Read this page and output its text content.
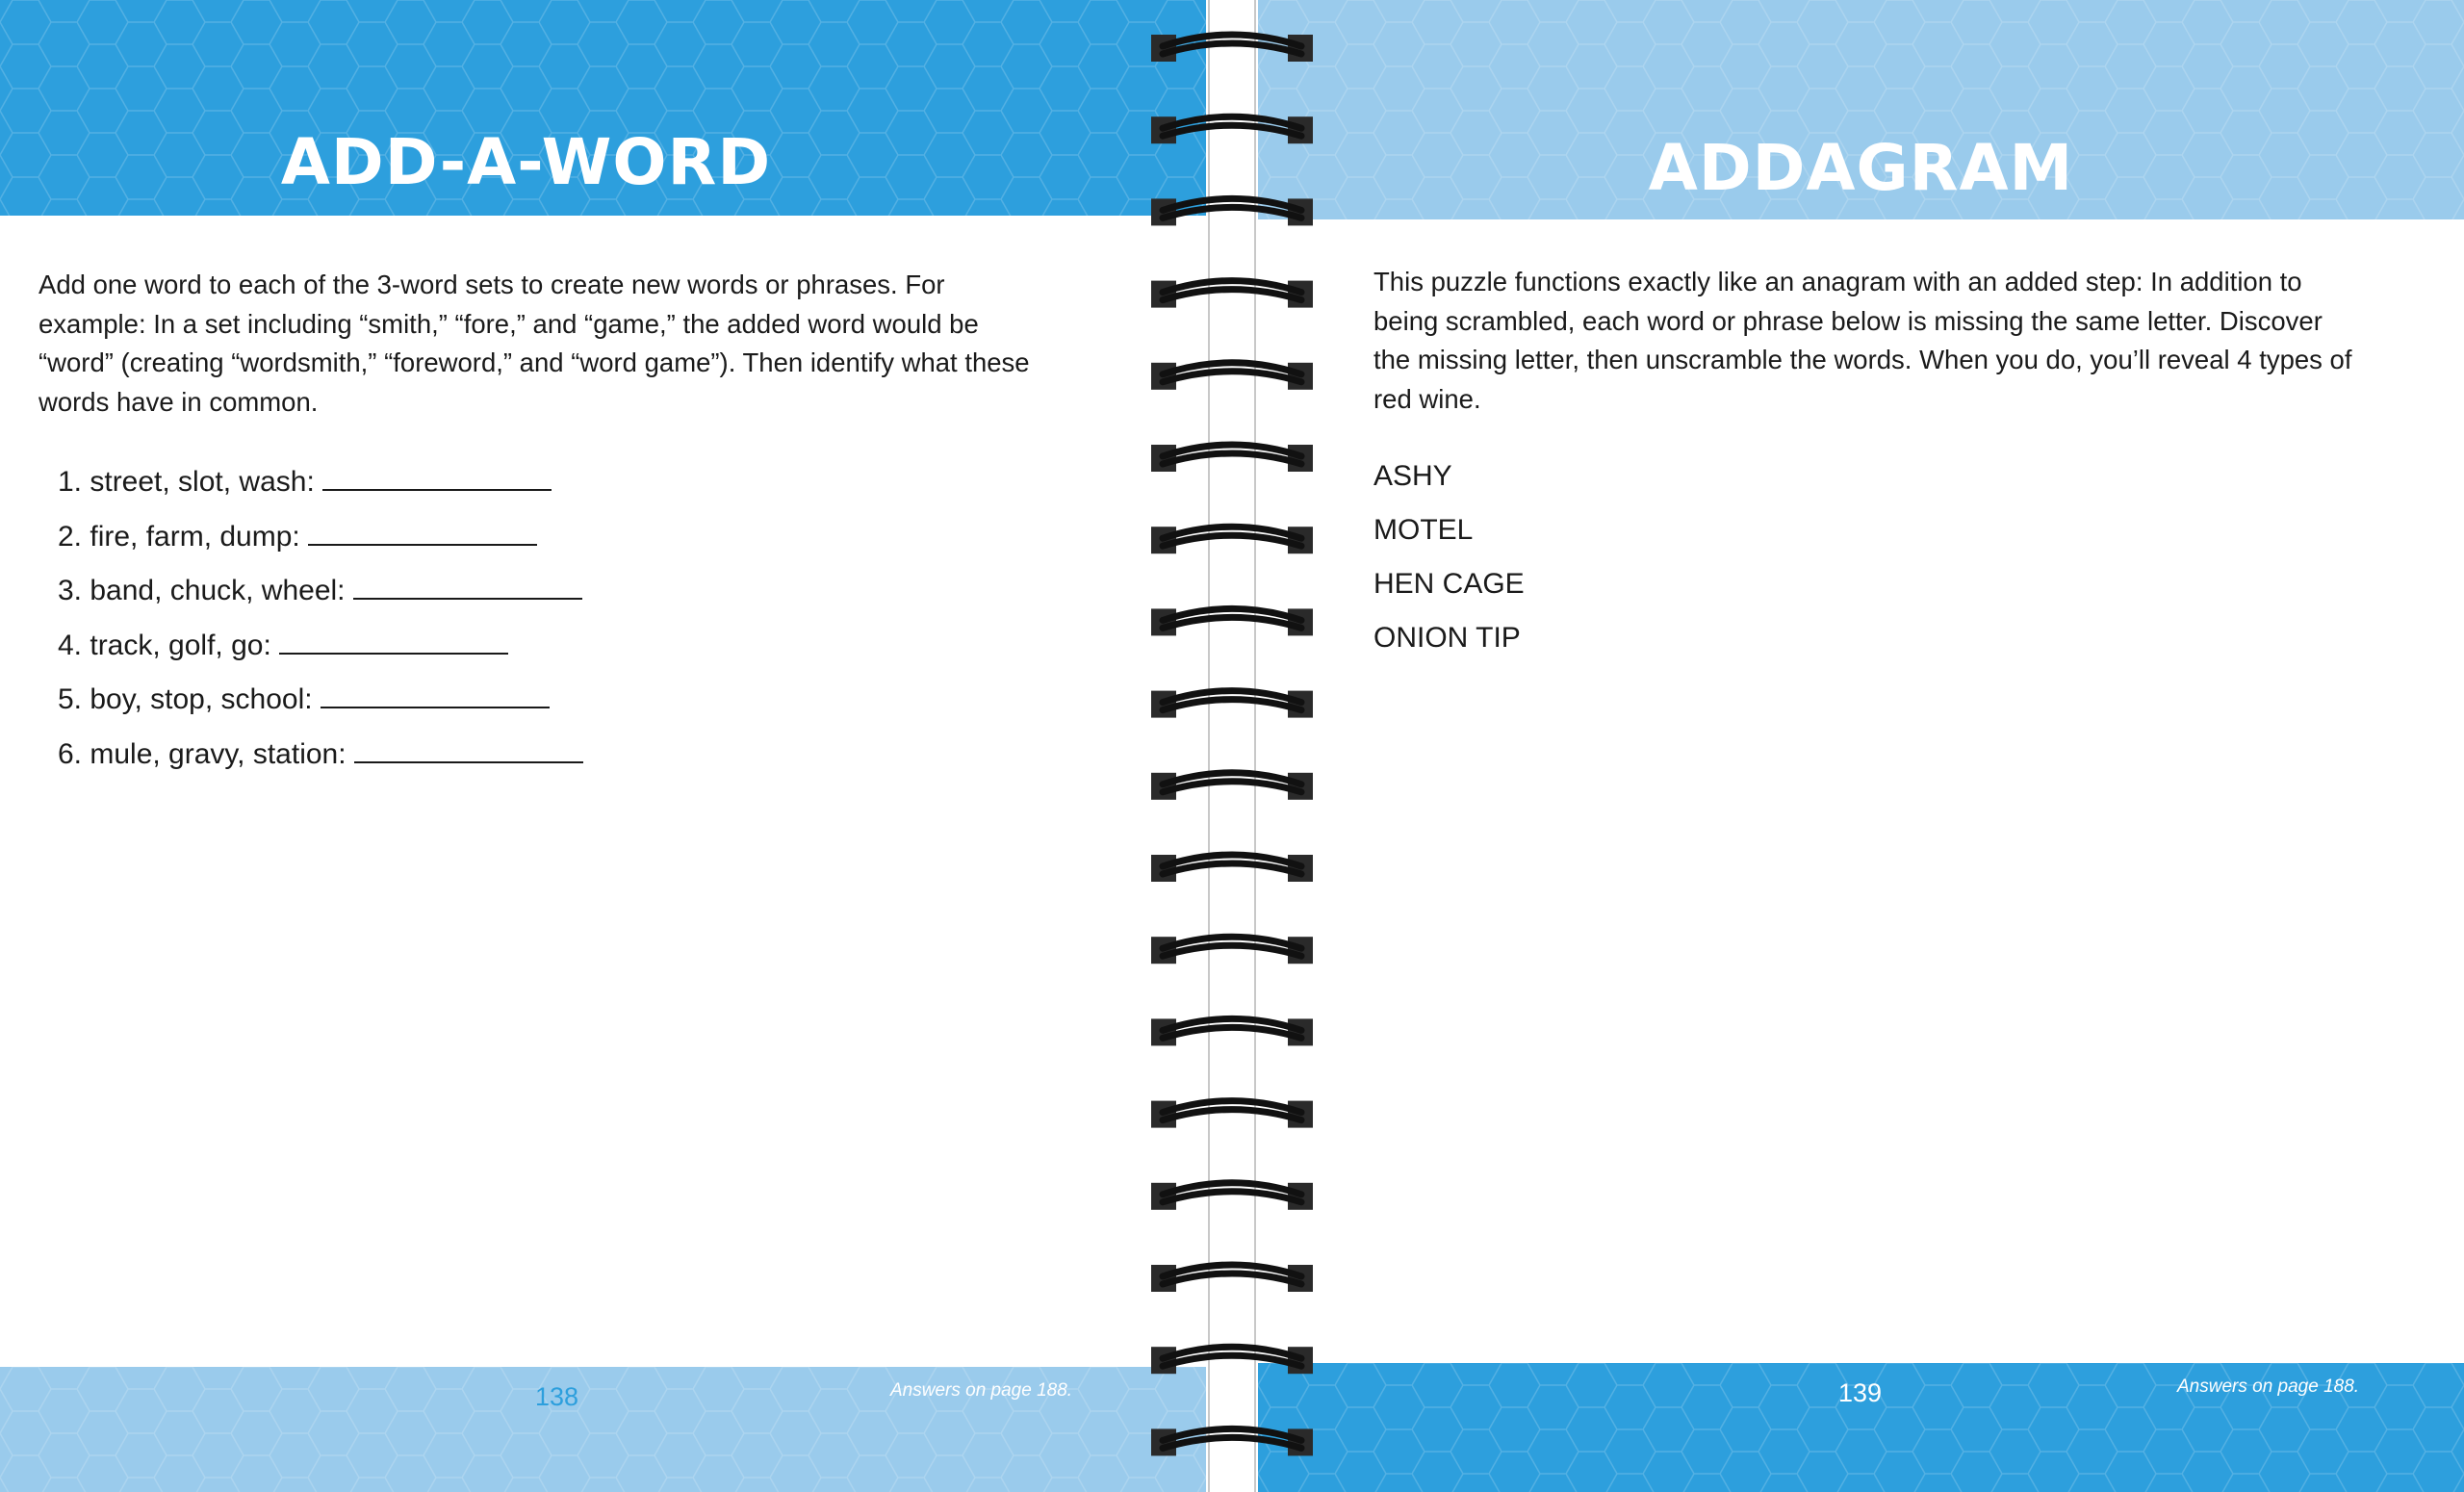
ADD-A-WORD

Add one word to each of the 3-word sets to create new words or phrases. For example: In a set including “smith,” “fore,” and “game,” the added word would be “word” (creating “wordsmith,” “foreword,” and “word game”). Then identify what these words have in common.

1. street, slot, wash:
2. fire, farm, dump:
3. band, chuck, wheel:
4. track, golf, go:
5. boy, stop, school:
6. mule, gravy, station:
138	Answers on page 188.
ADDAGRAM

This puzzle functions exactly like an anagram with an added step: In addition to being scrambled, each word or phrase below is missing the same letter. Discover the missing letter, then unscramble the words. When you do, you’ll reveal 4 types of red wine.

ASHY
MOTEL
HEN CAGE
ONION TIP
139	Answers on page 188.
